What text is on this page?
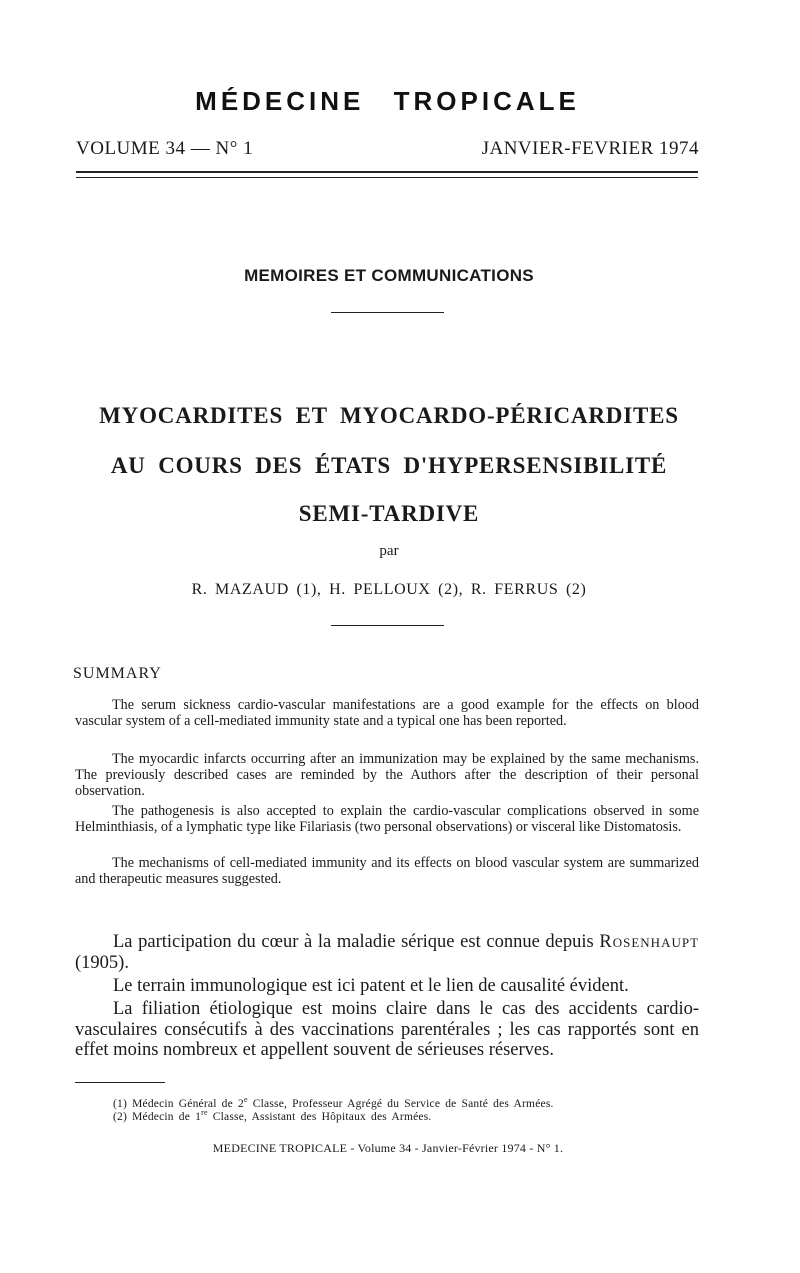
MÉDECINE TROPICALE
VOLUME 34 — N° 1	JANVIER-FEVRIER 1974
MEMOIRES ET COMMUNICATIONS
MYOCARDITES ET MYOCARDO-PÉRICARDITES
AU COURS DES ÉTATS D'HYPERSENSIBILITÉ
SEMI-TARDIVE
par
R. MAZAUD (1), H. PELLOUX (2), R. FERRUS (2)
SUMMARY

The serum sickness cardio-vascular manifestations are a good example for the effects on blood vascular system of a cell-mediated immunity state and a typical one has been reported.

The myocardic infarcts occurring after an immunization may be explained by the same mechanisms. The previously described cases are reminded by the Authors after the description of their personal observation.

The pathogenesis is also accepted to explain the cardio-vascular complications observed in some Helminthiasis, of a lymphatic type like Filariasis (two personal observations) or visceral like Distomatosis.

The mechanisms of cell-mediated immunity and its effects on blood vascular system are summarized and therapeutic measures suggested.

La participation du cœur à la maladie sérique est connue depuis Rosenhaupt (1905).

Le terrain immunologique est ici patent et le lien de causalité évident.

La filiation étiologique est moins claire dans le cas des accidents cardio-vasculaires consécutifs à des vaccinations parentérales ; les cas rapportés sont en effet moins nombreux et appellent souvent de sérieuses réserves.

(1) Médecin Général de 2e Classe, Professeur Agrégé du Service de Santé des Armées.
(2) Médecin de 1re Classe, Assistant des Hôpitaux des Armées.
MEDECINE TROPICALE - Volume 34 - Janvier-Février 1974 - N° 1.
